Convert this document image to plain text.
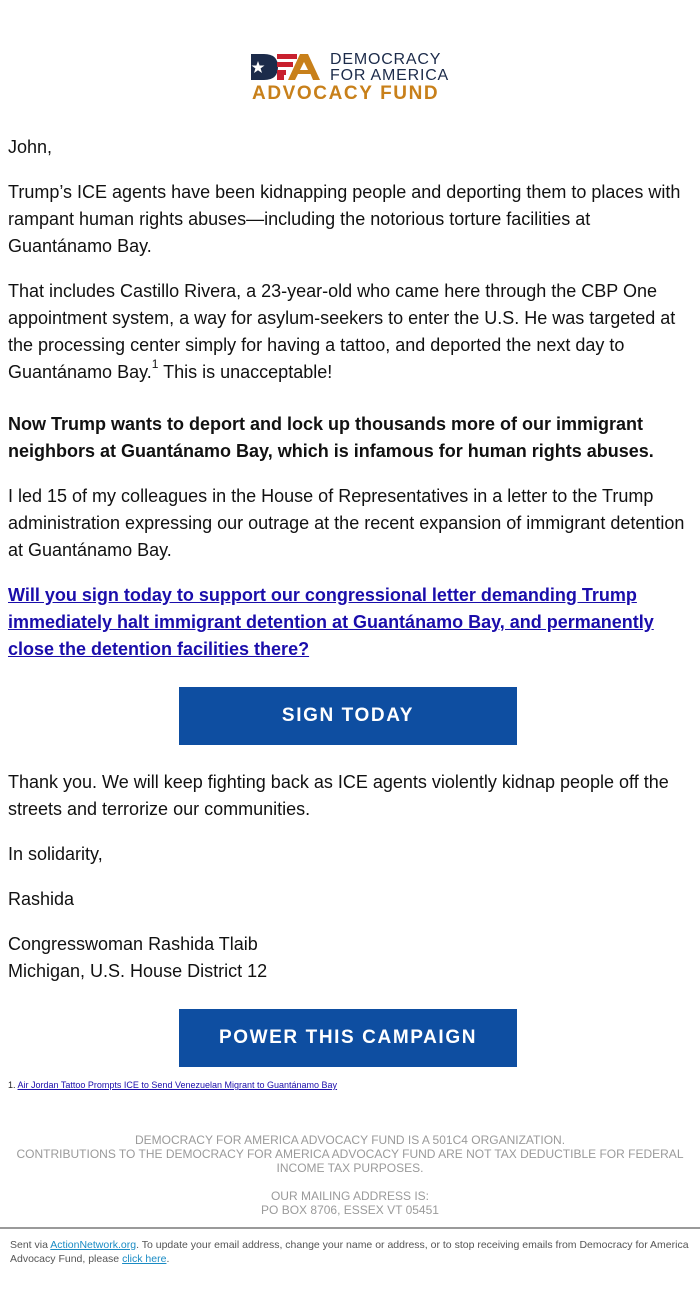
DEMOCRACY
FOR AMERICA
ADVOCACY FUND

John,

Trump’s ICE agents have been kidnapping people and deporting them to places with rampant human rights abuses—including the notorious torture facilities at Guantánamo Bay.

That includes Castillo Rivera, a 23-year-old who came here through the CBP One appointment system, a way for asylum-seekers to enter the U.S. He was targeted at the processing center simply for having a tattoo, and deported the next day to Guantánamo Bay.$^1$ This is unacceptable!

Now Trump wants to deport and lock up thousands more of our immigrant neighbors at Guantánamo Bay, which is infamous for human rights abuses.

I led 15 of my colleagues in the House of Representatives in a letter to the Trump administration expressing our outrage at the recent expansion of immigrant detention at Guantánamo Bay.

Will you sign today to support our congressional letter demanding Trump immediately halt immigrant detention at Guantánamo Bay, and permanently close the detention facilities there?

SIGN TODAY

Thank you. We will keep fighting back as ICE agents violently kidnap people off the streets and terrorize our communities.

In solidarity,

Rashida

Congresswoman Rashida Tlaib

Michigan, U.S. House District 12

POWER THIS CAMPAIGN
1. Air Jordan Tattoo Prompts ICE to Send Venezuelan Migrant to Guantánamo Bay
DEMOCRACY FOR AMERICA ADVOCACY FUND IS A 501C4 ORGANIZATION.
CONTRIBUTIONS TO THE DEMOCRACY FOR AMERICA ADVOCACY FUND ARE NOT TAX DEDUCTIBLE FOR FEDERAL INCOME TAX PURPOSES.
OUR MAILING ADDRESS IS:
PO BOX 8706, ESSEX VT 05451
Sent via ActionNetwork.org. To update your email address, change your name or address, or to stop receiving emails from Democracy for America Advocacy Fund, please click here.
